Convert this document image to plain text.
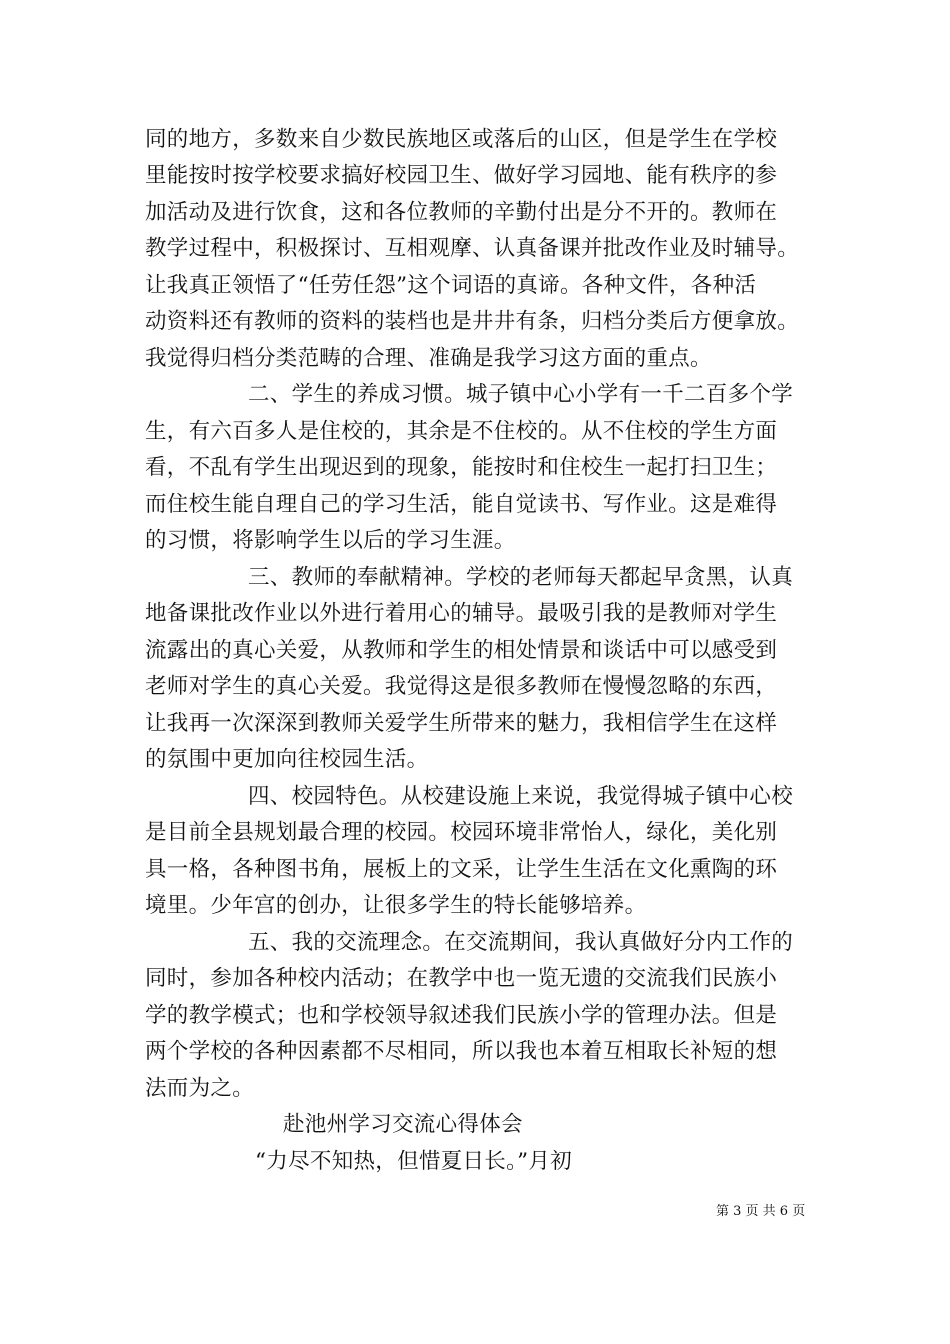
同的地方，多数来自少数民族地区或落后的山区，但是学生在学校
里能按时按学校要求搞好校园卫生、做好学习园地、能有秩序的参
加活动及进行饮食，这和各位教师的辛勤付出是分不开的。教师在
教学过程中，积极探讨、互相观摩、认真备课并批改作业及时辅导。
让我真正领悟了“任劳任怨”这个词语的真谛。各种文件，各种活
动资料还有教师的资料的装档也是井井有条，归档分类后方便拿放。
我觉得归档分类范畴的合理、准确是我学习这方面的重点。
二、学生的养成习惯。城子镇中心小学有一千二百多个学
生，有六百多人是住校的，其余是不住校的。从不住校的学生方面
看，不乱有学生出现迟到的现象，能按时和住校生一起打扫卫生；
而住校生能自理自己的学习生活，能自觉读书、写作业。这是难得
的习惯，将影响学生以后的学习生涯。
三、教师的奉献精神。学校的老师每天都起早贪黑，认真
地备课批改作业以外进行着用心的辅导。最吸引我的是教师对学生
流露出的真心关爱，从教师和学生的相处情景和谈话中可以感受到
老师对学生的真心关爱。我觉得这是很多教师在慢慢忽略的东西，
让我再一次深深到教师关爱学生所带来的魅力，我相信学生在这样
的氛围中更加向往校园生活。
四、校园特色。从校建设施上来说，我觉得城子镇中心校
是目前全县规划最合理的校园。校园环境非常怡人，绿化，美化别
具一格，各种图书角，展板上的文采，让学生生活在文化熏陶的环
境里。少年宫的创办，让很多学生的特长能够培养。
五、我的交流理念。在交流期间，我认真做好分内工作的
同时，参加各种校内活动；在教学中也一览无遗的交流我们民族小
学的教学模式；也和学校领导叙述我们民族小学的管理办法。但是
两个学校的各种因素都不尽相同，所以我也本着互相取长补短的想
法而为之。
赴池州学习交流心得体会
“力尽不知热，但惜夏日长。”月初
第 3 页 共 6 页
